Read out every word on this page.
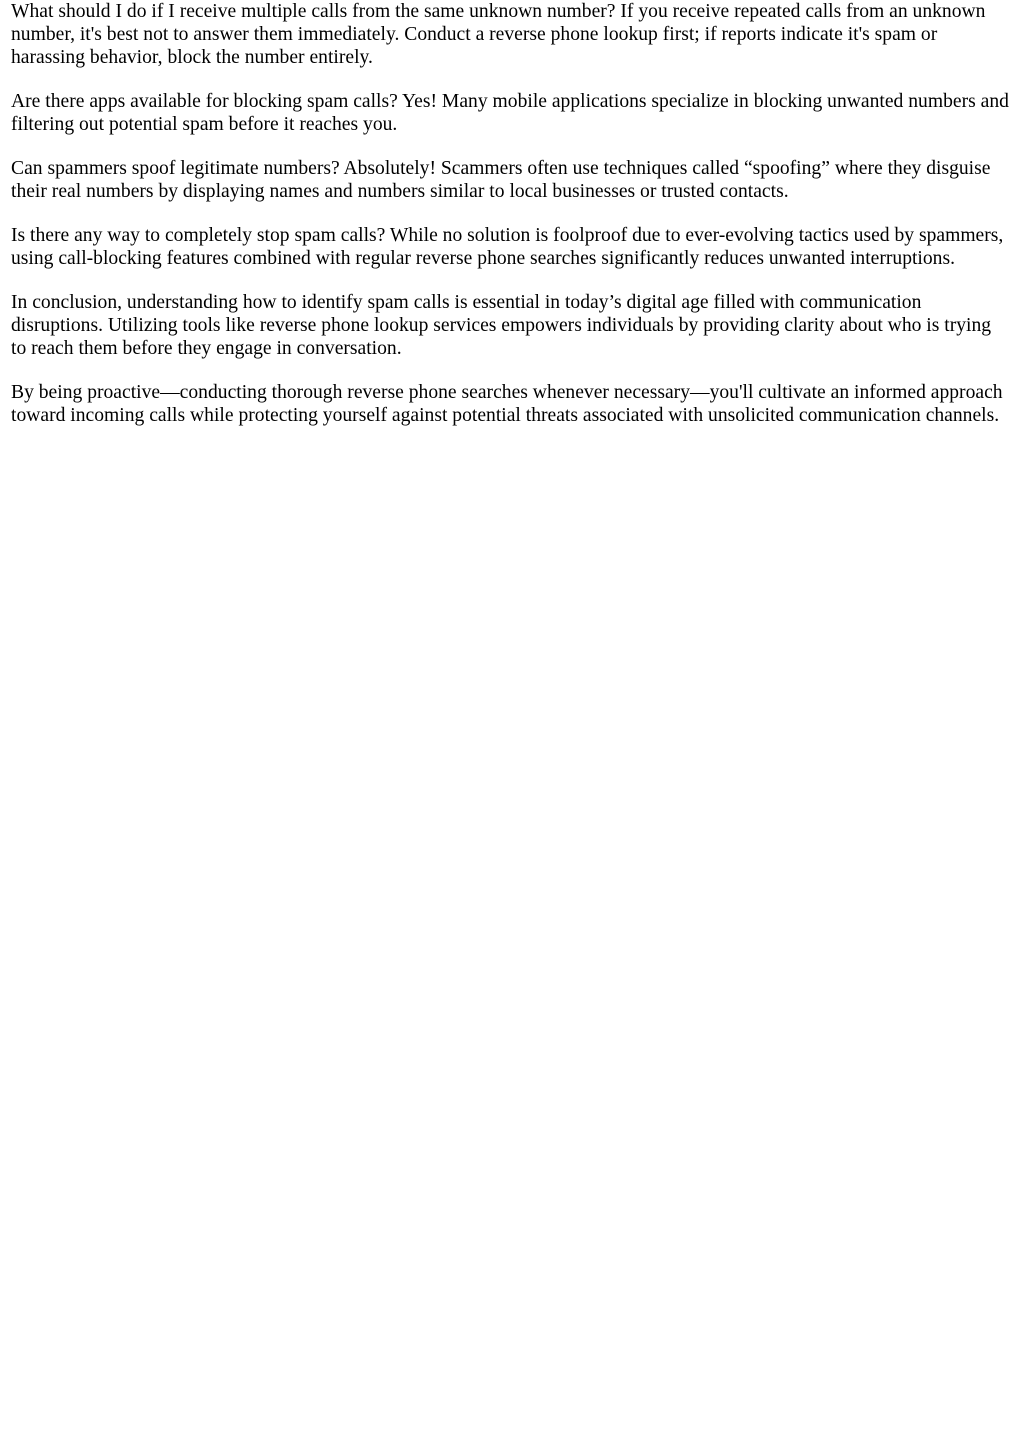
What should I do if I receive multiple calls from the same unknown number? If you receive repeated calls from an unknown number, it's best not to answer them immediately. Conduct a reverse phone lookup first; if reports indicate it's spam or harassing behavior, block the number entirely.

Are there apps available for blocking spam calls? Yes! Many mobile applications specialize in blocking unwanted numbers and filtering out potential spam before it reaches you.

Can spammers spoof legitimate numbers? Absolutely! Scammers often use techniques called “spoofing” where they disguise their real numbers by displaying names and numbers similar to local businesses or trusted contacts.

Is there any way to completely stop spam calls? While no solution is foolproof due to ever-evolving tactics used by spammers, using call-blocking features combined with regular reverse phone searches significantly reduces unwanted interruptions.

In conclusion, understanding how to identify spam calls is essential in today’s digital age filled with communication disruptions. Utilizing tools like reverse phone lookup services empowers individuals by providing clarity about who is trying to reach them before they engage in conversation.

By being proactive—conducting thorough reverse phone searches whenever necessary—you'll cultivate an informed approach toward incoming calls while protecting yourself against potential threats associated with unsolicited communication channels.
